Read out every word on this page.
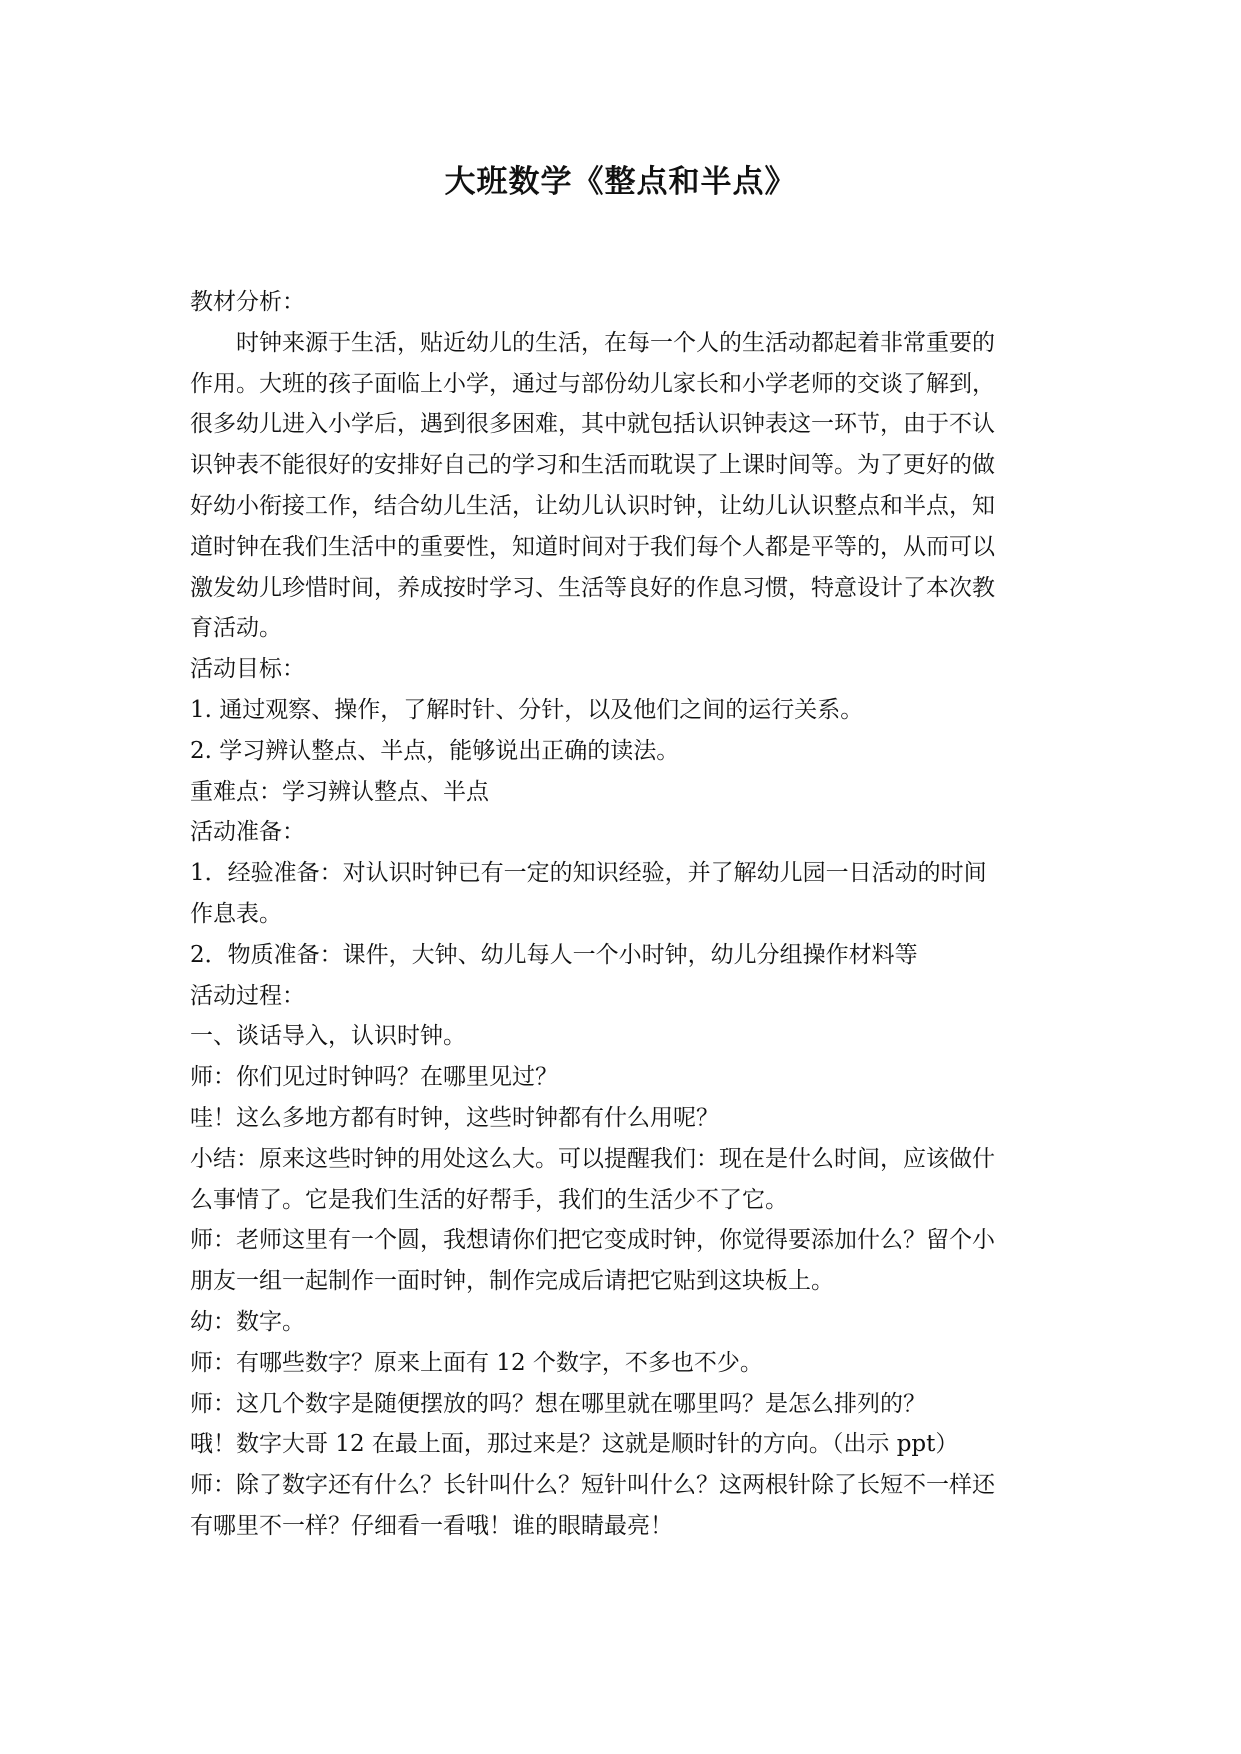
大班数学《整点和半点》
教材分析：
时钟来源于生活，贴近幼儿的生活，在每一个人的生活动都起着非常重要的
作用。大班的孩子面临上小学，通过与部份幼儿家长和小学老师的交谈了解到，
很多幼儿进入小学后，遇到很多困难，其中就包括认识钟表这一环节，由于不认
识钟表不能很好的安排好自己的学习和生活而耽误了上课时间等。为了更好的做
好幼小衔接工作，结合幼儿生活，让幼儿认识时钟，让幼儿认识整点和半点，知
道时钟在我们生活中的重要性，知道时间对于我们每个人都是平等的，从而可以
激发幼儿珍惜时间，养成按时学习、生活等良好的作息习惯，特意设计了本次教
育活动。
活动目标：
1. 通过观察、操作，了解时针、分针，以及他们之间的运行关系。
2. 学习辨认整点、半点，能够说出正确的读法。
重难点：学习辨认整点、半点
活动准备：
1．经验准备：对认识时钟已有一定的知识经验，并了解幼儿园一日活动的时间
作息表。
2．物质准备：课件，大钟、幼儿每人一个小时钟，幼儿分组操作材料等
活动过程：
一、谈话导入，认识时钟。
师：你们见过时钟吗？在哪里见过？
哇！这么多地方都有时钟，这些时钟都有什么用呢？
小结：原来这些时钟的用处这么大。可以提醒我们：现在是什么时间，应该做什
么事情了。它是我们生活的好帮手，我们的生活少不了它。
师：老师这里有一个圆，我想请你们把它变成时钟，你觉得要添加什么？留个小
朋友一组一起制作一面时钟，制作完成后请把它贴到这块板上。
幼：数字。
师：有哪些数字？原来上面有 12 个数字，不多也不少。
师：这几个数字是随便摆放的吗？想在哪里就在哪里吗？是怎么排列的？
哦！数字大哥 12 在最上面，那过来是？这就是顺时针的方向。（出示 ppt）
师：除了数字还有什么？长针叫什么？短针叫什么？这两根针除了长短不一样还
有哪里不一样？仔细看一看哦！谁的眼睛最亮！
